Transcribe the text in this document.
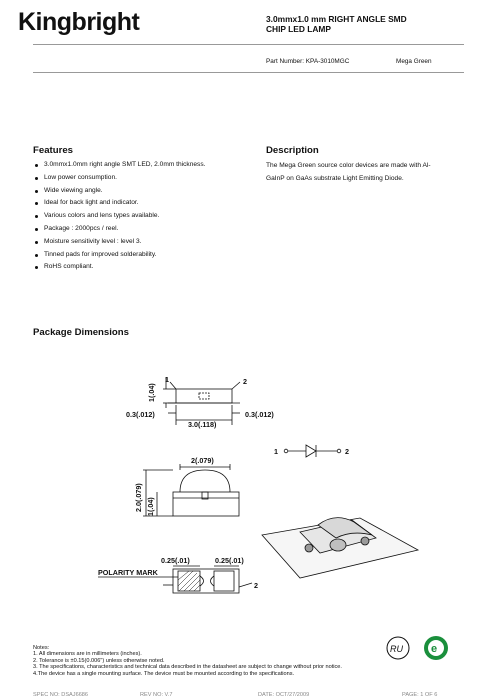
Kingbright	3.0mmx1.0 mm RIGHT ANGLE SMD
CHIP LED LAMP
Part Number: KPA-3010MGC	Mega Green
Features
3.0mmx1.0mm right angle SMT LED, 2.0mm thickness.
Low power consumption.
Wide viewing angle.
Ideal for back light and indicator.
Various colors and lens types available.
Package : 2000pcs / reel.
Moisture sensitivity level : level 3.
Tinned pads for improved solderability.
RoHS compliant.
Description
The Mega Green source color devices are made with Al-
GaInP on GaAs substrate Light Emitting Diode.
Package Dimensions
1	2
1(.04)
0.3(.012)	0.3(.012)
3.0(.118)
2(.079)
2.0(.079) 1(.04)
0.25(.01)	0.25(.01)
POLARITY MARK
2
1	2
RU	e
Notes:
1. All dimensions are in millimeters (inches).
2. Tolerance is ±0.15(0.006") unless otherwise noted.
3. The specifications, characteristics and technical data described in the datasheet are subject to change without prior notice.
4.The device has a single mounting surface. The device must be mounted according to the specifications.
SPEC NO: DSAJ6686	REV NO: V.7	DATE: OCT/27/2009	PAGE: 1 OF 6
